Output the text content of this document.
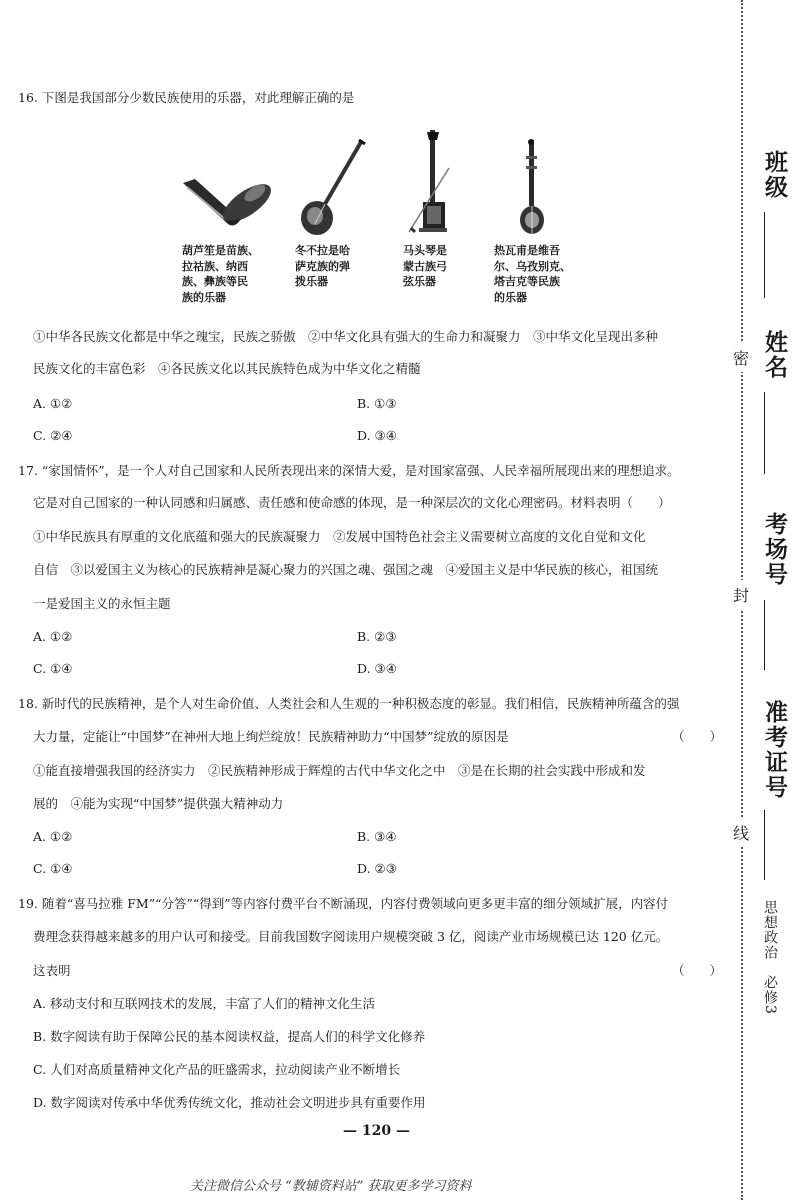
16. 下图是我国部分少数民族使用的乐器，对此理解正确的是
葫芦笙是苗族、
拉祜族、纳西
族、彝族等民
族的乐器
冬不拉是哈
萨克族的弹
拨乐器
马头琴是
蒙古族弓
弦乐器
热瓦甫是维吾
尔、乌孜别克、
塔吉克等民族
的乐器
①中华各民族文化都是中华之瑰宝，民族之骄傲　②中华文化具有强大的生命力和凝聚力　③中华文化呈现出多种
民族文化的丰富色彩　④各民族文化以其民族特色成为中华文化之精髓
A. ①②	B. ①③
C. ②④	D. ③④
17. “家国情怀”，是一个人对自己国家和人民所表现出来的深情大爱，是对国家富强、人民幸福所展现出来的理想追求。
它是对自己国家的一种认同感和归属感、责任感和使命感的体现，是一种深层次的文化心理密码。材料表明（　　）
①中华民族具有厚重的文化底蕴和强大的民族凝聚力　②发展中国特色社会主义需要树立高度的文化自觉和文化
自信　③以爱国主义为核心的民族精神是凝心聚力的兴国之魂、强国之魂　④爱国主义是中华民族的核心，祖国统
一是爱国主义的永恒主题
A. ①②	B. ②③
C. ①④	D. ③④
18. 新时代的民族精神，是个人对生命价值、人类社会和人生观的一种积极态度的彰显。我们相信，民族精神所蕴含的强
大力量，定能让“中国梦”在神州大地上绚烂绽放！民族精神助力“中国梦”绽放的原因是	（　　）
①能直接增强我国的经济实力　②民族精神形成于辉煌的古代中华文化之中　③是在长期的社会实践中形成和发
展的　④能为实现“中国梦”提供强大精神动力
A. ①②	B. ③④
C. ①④	D. ②③
19. 随着“喜马拉雅 FM”“分答”“得到”等内容付费平台不断涌现，内容付费领域向更多更丰富的细分领域扩展，内容付
费理念获得越来越多的用户认可和接受。目前我国数字阅读用户规模突破 3 亿，阅读产业市场规模已达 120 亿元。
这表明	（　　）
A. 移动支付和互联网技术的发展，丰富了人们的精神文化生活
B. 数字阅读有助于保障公民的基本阅读权益，提高人们的科学文化修养
C. 人们对高质量精神文化产品的旺盛需求，拉动阅读产业不断增长
D. 数字阅读对传承中华优秀传统文化，推动社会文明进步具有重要作用
— 120 —
关注微信公众号 “教辅资料站” 获取更多学习资料
密
封
线
班级
姓名
考场号
准考证号
思想政治　必修3
